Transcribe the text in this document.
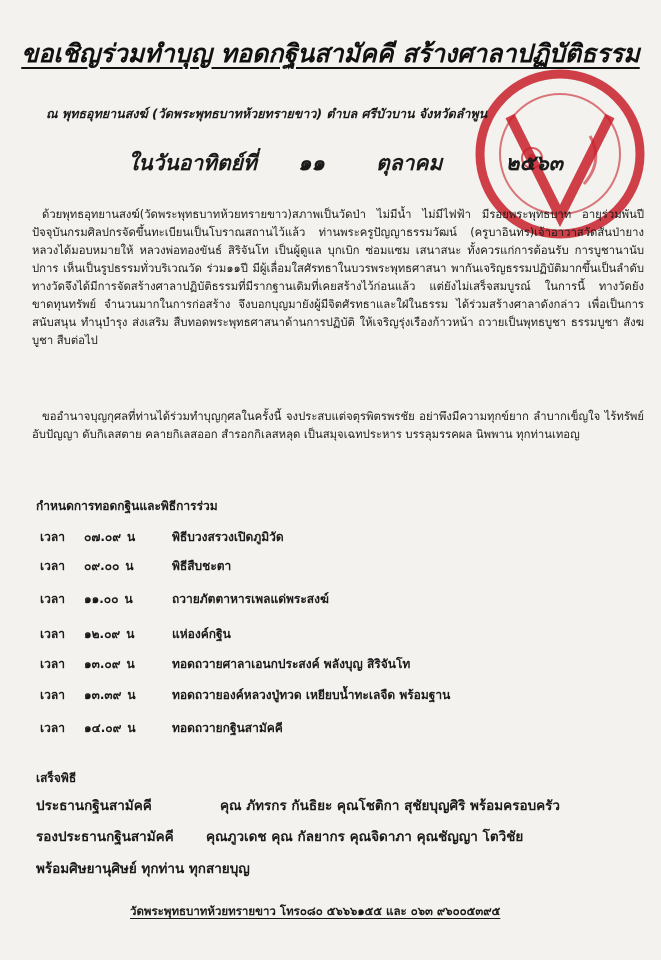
ขอเชิญร่วมทำบุญ ทอดกฐินสามัคคี สร้างศาลาปฏิบัติธรรม
ณ พุทธอุทยานสงฆ์ (วัดพระพุทธบาทห้วยทรายขาว) ตำบล ศรีบัวบาน จังหวัดลำพูน
ในวันอาทิตย์ที่ ๑๑ ตุลาคม	๒๕๖๓
ด้วยพุทธอุทยานสงฆ์(วัดพระพุทธบาทห้วยทรายขาว)สภาพเป็นวัดป่า ไม่มีน้ำ ไม่มีไฟฟ้า มีรอยพระพุทธบาท อายุร่วมพันปี ปัจจุบันกรมศิลปกรจัดขึ้นทะเบียนเป็นโบราณสถานไว้แล้ว ท่านพระครูปัญญาธรรมวัฒน์ (ครูบาอินทร)เจ้าอาวาสวัดสันป่ายางหลวงได้มอบหมายให้ หลวงพ่อทองขันธ์ สิริจันโท เป็นผู้ดูแล บุกเบิก ซ่อมแซม เสนาสนะ ทั้งควรแก่การต้อนรับ การบูชานานับปการ เห็นเป็นรูปธรรมทั่วบริเวณวัด ร่วม๑๑ปี มีผู้เลื่อมใสศัรทธาในบวรพระพุทธศาสนา พากันเจริญธรรมปฏิบัติมากขึ้นเป็นลำดับ ทางวัดจึงได้มีการจัดสร้างศาลาปฏิบัติธรรมที่มีรากฐานเดิมที่เคยสร้างไว้ก่อนแล้ว แต่ยังไม่เสร็จสมบูรณ์ ในการนี้ ทางวัดยังขาดทุนทรัพย์ จำนวนมากในการก่อสร้าง จึงบอกบุญมายังผู้มีจิตศัรทธาและใฝ่ในธรรม ได้ร่วมสร้างศาลาดังกล่าว เพื่อเป็นการสนับสนุน ทำนุบำรุง ส่งเสริม สืบทอดพระพุทธศาสนาด้านการปฏิบัติ ให้เจริญรุ่งเรืองก้าวหน้า ถวายเป็นพุทธบูชา ธรรมบูชา สังฆบูชา สืบต่อไป
ขออำนาจบุญกุศลที่ท่านได้ร่วมทำบุญกุศลในครั้งนี้ จงประสบแต่จตุรพิตรพรชัย อย่าพึงมีความทุกข์ยาก ลำบากเข็ญใจ ไร้ทรัพย์ อับปัญญา ดับกิเลสตาย คลายกิเลสออก สำรอกกิเลสหลุด เป็นสมุจเฉทประหาร บรรลุมรรคผล นิพพาน ทุกท่านเทอญ
กำหนดการทอดกฐินและพิธีการร่วม
เวลา ๐๗.๐๙ น	พิธีบวงสรวงเปิดภูมิวัด
เวลา ๐๙.๐๐ น	พิธีสืบชะตา
เวลา ๑๑.๐๐ น	ถวายภัตตาหารเพลแด่พระสงฆ์
เวลา ๑๒.๐๙ น	แห่องค์กฐิน
เวลา ๑๓.๐๙ น	ทอดถวายศาลาเอนกประสงค์ พลังบุญ สิริจันโท
เวลา ๑๓.๓๙ น	ทอดถวายองค์หลวงปู่ทวด เหยียบน้ำทะเลจืด พร้อมฐาน
เวลา ๑๔.๐๙ น	ทอดถวายกฐินสามัคคี
เสร็จพิธี
ประธานกฐินสามัคคี	คุณ ภัทรกร กันธิยะ คุณโชติกา สุชัยบุญศิริ พร้อมครอบครัว
รองประธานกฐินสามัคคี คุณภูวเดช คุณ กัลยากร คุณจิดาภา คุณชัญญา โตวิชัย
พร้อมศิษยานุศิษย์ ทุกท่าน ทุกสายบุญ
วัดพระพุทธบาทห้วยทรายขาว โทร๐๘๐ ๕๖๖๖๑๕๕ และ ๐๖๓ ๙๖๐๐๕๓๙๕
